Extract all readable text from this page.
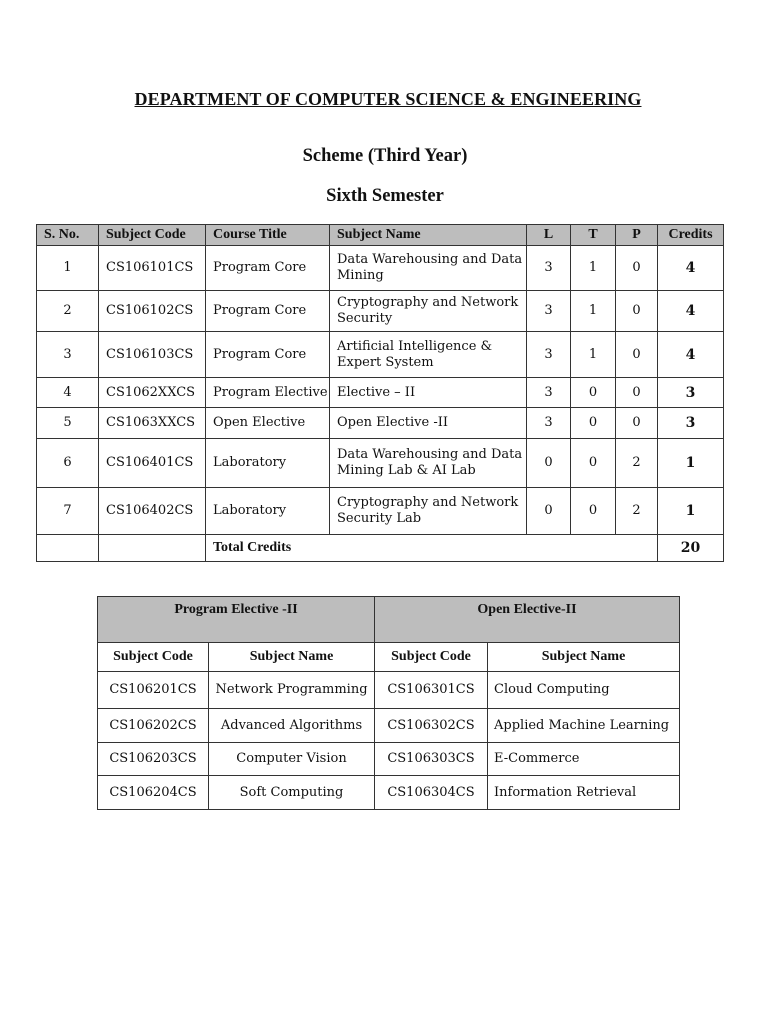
DEPARTMENT OF COMPUTER SCIENCE & ENGINEERING
Scheme (Third Year)
Sixth Semester
S. No.	Subject Code	Course Title	Subject Name	L	T	P	Credits
1	CS106101CS	Program Core	Data Warehousing and Data Mining	3	1	0	4
2	CS106102CS	Program Core	Cryptography and Network Security	3	1	0	4
3	CS106103CS	Program Core	Artificial Intelligence & Expert System	3	1	0	4
4	CS1062XXCS	Program Elective	Elective – II	3	0	0	3
5	CS1063XXCS	Open Elective	Open Elective -II	3	0	0	3
6	CS106401CS	Laboratory	Data Warehousing and Data Mining Lab & AI Lab	0	0	2	1
7	CS106402CS	Laboratory	Cryptography and Network Security Lab	0	0	2	1
		Total Credits					20
Program Elective -II		Open Elective-II	
Subject Code	Subject Name	Subject Code	Subject Name
CS106201CS	Network Programming	CS106301CS	Cloud Computing
CS106202CS	Advanced Algorithms	CS106302CS	Applied Machine Learning
CS106203CS	Computer Vision	CS106303CS	E-Commerce
CS106204CS	Soft Computing	CS106304CS	Information Retrieval
